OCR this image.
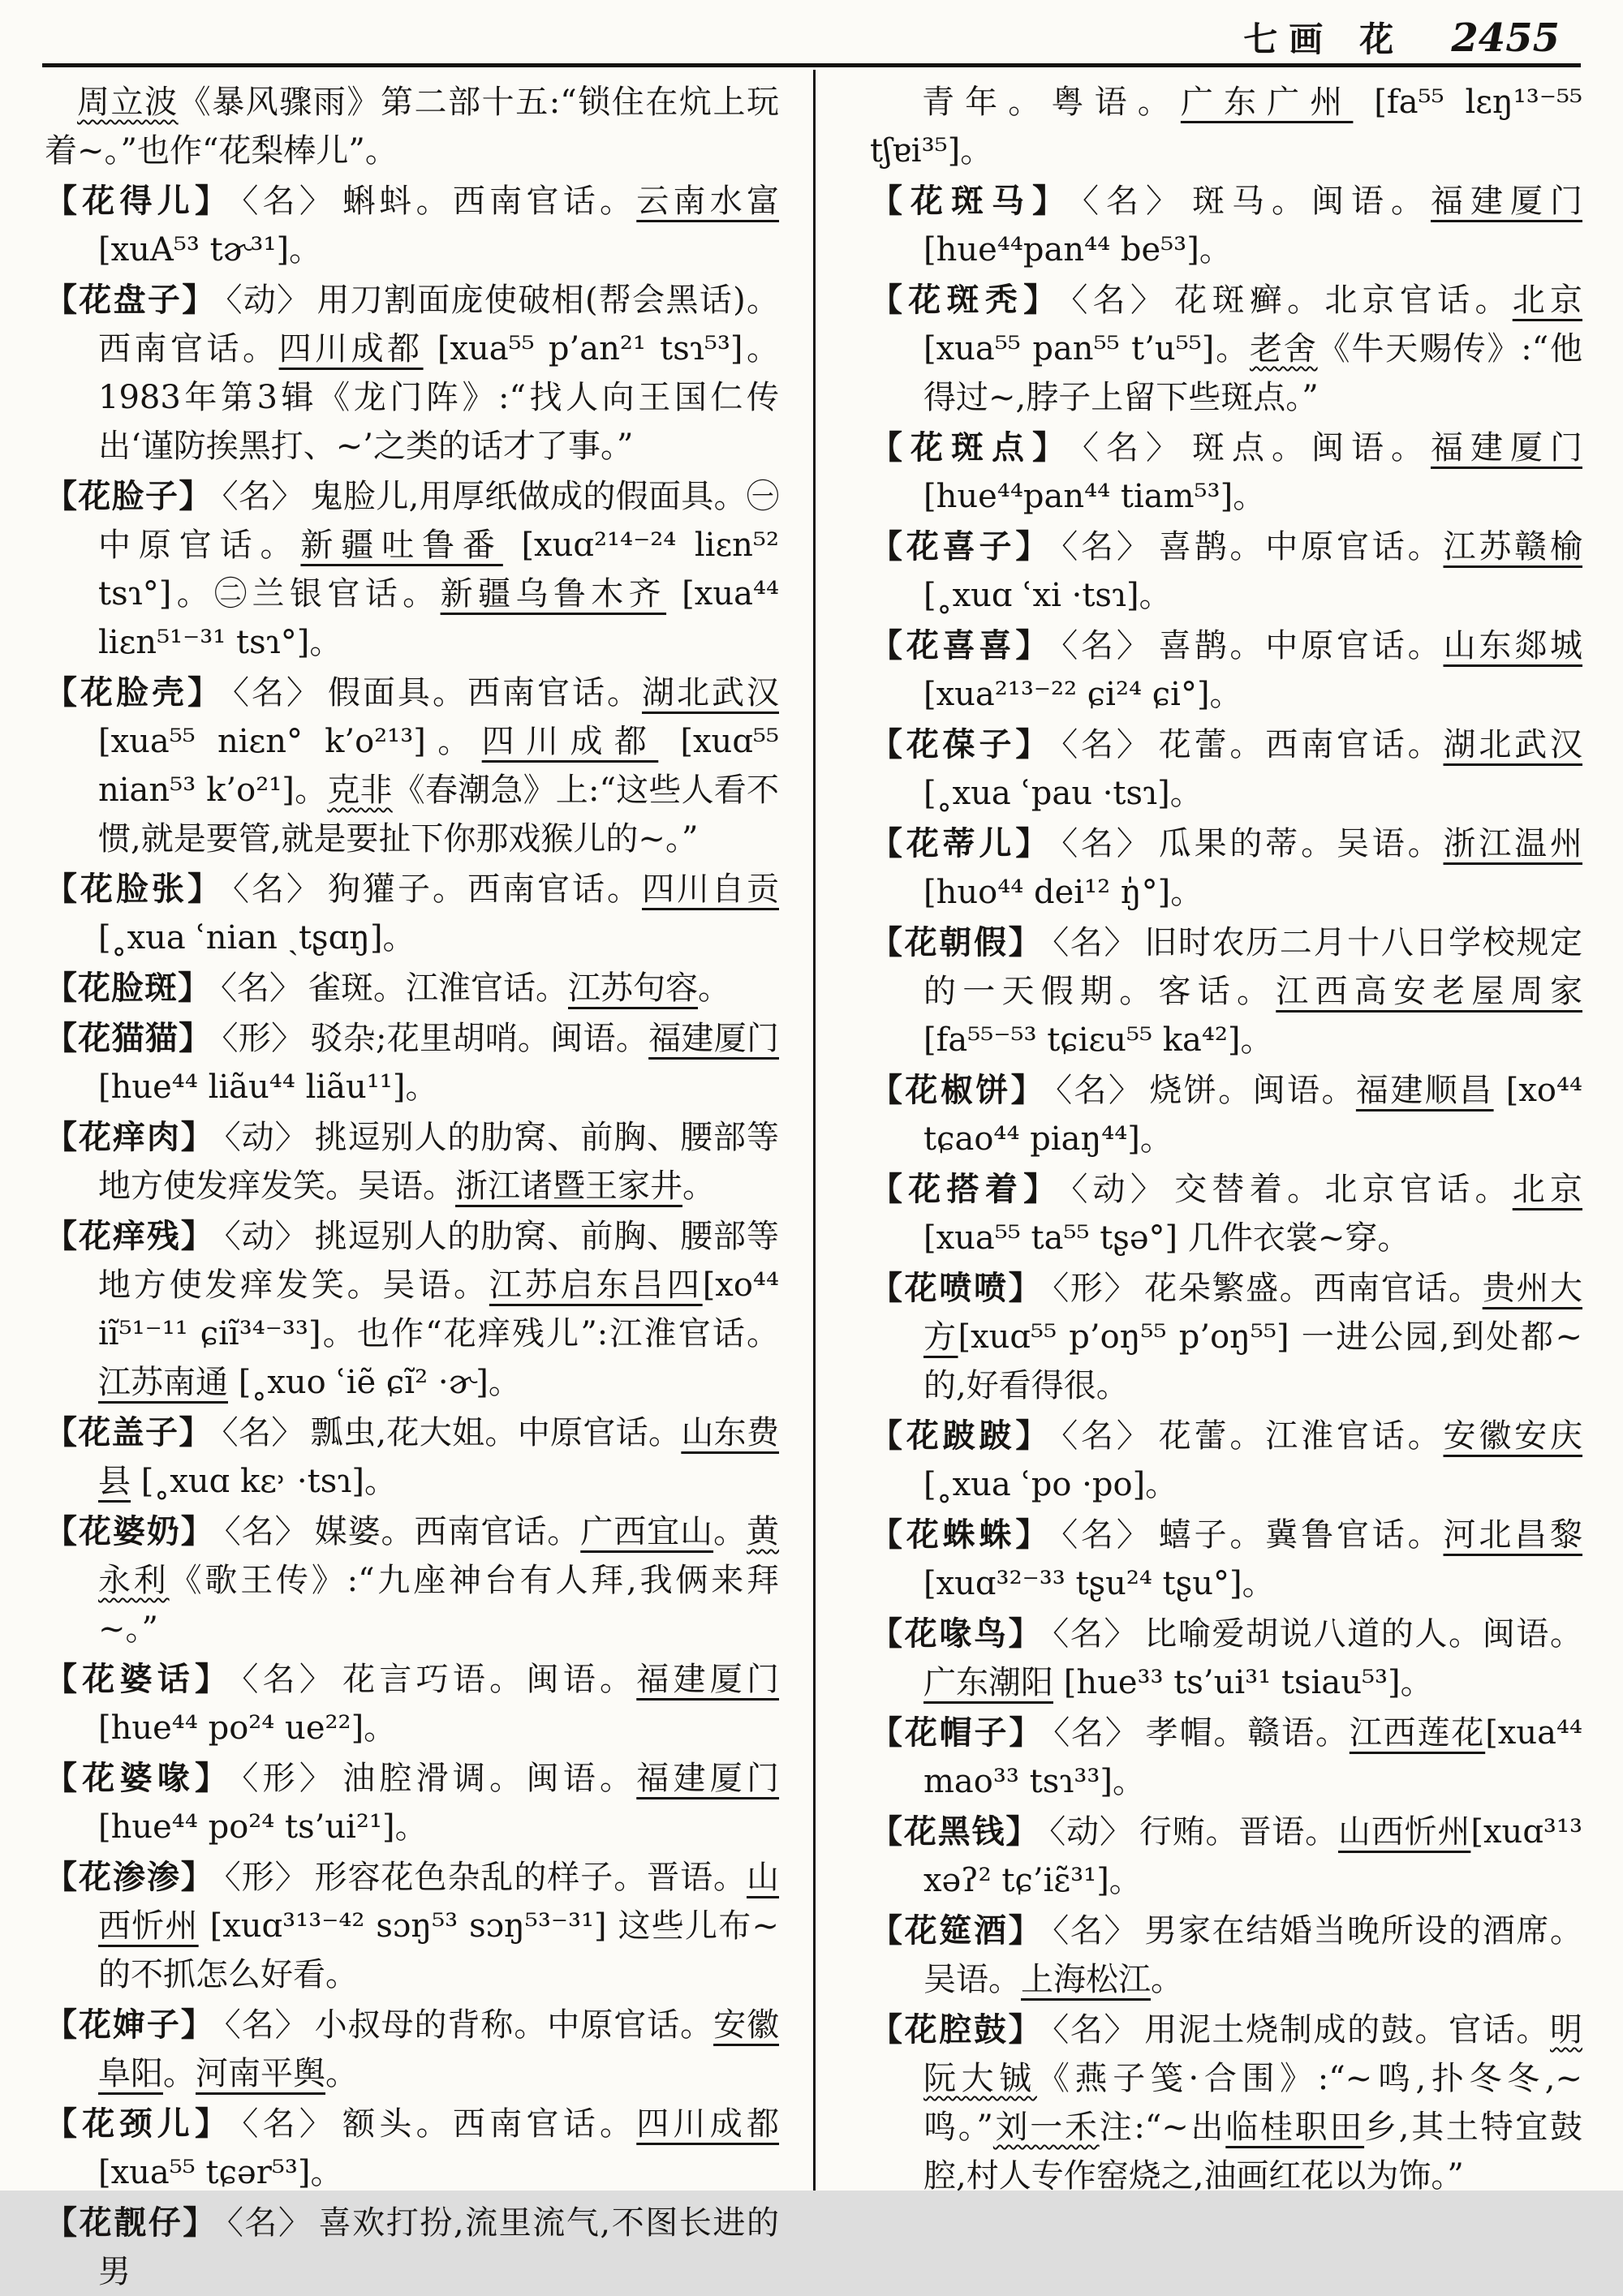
七画 花 2455
周立波《暴风骤雨》第二部十五:“锁住在炕上玩着~。”也作“花梨棒儿”。
【花得儿】 〈名〉 蝌蚪。西南官话。云南水富 [xuA⁵³ tɚ³¹]。
【花盘子】 〈动〉 用刀割面庞使破相(帮会黑话)。西南官话。四川成都 [xua⁵⁵ p’an²¹ tsɿ⁵³]。1983年第3辑《龙门阵》:“找人向王国仁传出‘谨防挨黑打、~’之类的话才了事。”
【花脸子】 〈名〉 鬼脸儿,用厚纸做成的假面具。㊀中原官话。新疆吐鲁番 [xuɑ²¹⁴⁻²⁴ liɛn⁵² tsɿ°]。㊁兰银官话。新疆乌鲁木齐 [xua⁴⁴ liɛn⁵¹⁻³¹ tsɿ°]。
【花脸壳】 〈名〉 假面具。西南官话。湖北武汉[xua⁵⁵ niɛn° k’o²¹³]。四川成都 [xuɑ⁵⁵ nian⁵³ k’o²¹]。克非《春潮急》上:“这些人看不惯,就是要管,就是要扯下你那戏猴儿的~。”
【花脸张】 〈名〉 狗獾子。西南官话。四川自贡 [˳xua ʿnian ˎtʂɑŋ]。
【花脸斑】 〈名〉 雀斑。江淮官话。江苏句容。
【花猫猫】 〈形〉 驳杂;花里胡哨。闽语。福建厦门 [hue⁴⁴ liãu⁴⁴ liãu¹¹]。
【花痒肉】 〈动〉 挑逗别人的肋窝、前胸、腰部等地方使发痒发笑。吴语。浙江诸暨王家井。
【花痒残】 〈动〉 挑逗别人的肋窝、前胸、腰部等地方使发痒发笑。吴语。江苏启东吕四[xo⁴⁴ iĩ⁵¹⁻¹¹ ɕiĩ³⁴⁻³³]。也作“花痒残儿”:江淮官话。江苏南通 [˳xuo ʿiẽ ɕĩ² ·ɚ]。
【花盖子】 〈名〉 瓢虫,花大姐。中原官话。山东费县 [˳xuɑ kɛ˒ ·tsɿ]。
【花婆奶】 〈名〉 媒婆。西南官话。广西宜山。黄永利《歌王传》:“九座神台有人拜,我俩来拜~。”
【花婆话】 〈名〉 花言巧语。闽语。福建厦门 [hue⁴⁴ po²⁴ ue²²]。
【花婆喙】 〈形〉 油腔滑调。闽语。福建厦门 [hue⁴⁴ po²⁴ ts’ui²¹]。
【花渗渗】 〈形〉 形容花色杂乱的样子。晋语。山西忻州 [xuɑ³¹³⁻⁴² sɔŋ⁵³ sɔŋ⁵³⁻³¹] 这些儿布~的不抓怎么好看。
【花婶子】 〈名〉 小叔母的背称。中原官话。安徽阜阳。河南平舆。
【花颈儿】 〈名〉 额头。西南官话。四川成都 [xua⁵⁵ tɕər⁵³]。
【花靓仔】 〈名〉 喜欢打扮,流里流气,不图长进的男
青年。粤语。广东广州 [fa⁵⁵ lɛŋ¹³⁻⁵⁵ tʃɐi³⁵]。
【花斑马】 〈名〉 斑马。闽语。福建厦门 [hue⁴⁴pan⁴⁴ be⁵³]。
【花斑秃】 〈名〉 花斑癣。北京官话。北京 [xua⁵⁵ pan⁵⁵ t’u⁵⁵]。老舍《牛天赐传》:“他得过~,脖子上留下些斑点。”
【花斑点】 〈名〉 斑点。闽语。福建厦门 [hue⁴⁴pan⁴⁴ tiam⁵³]。
【花喜子】 〈名〉 喜鹊。中原官话。江苏赣榆 [˳xuɑ ʿxi ·tsɿ]。
【花喜喜】 〈名〉 喜鹊。中原官话。山东郯城[xua²¹³⁻²² ɕi²⁴ ɕi°]。
【花葆子】 〈名〉 花蕾。西南官话。湖北武汉[˳xua ʿpau ·tsɿ]。
【花蒂儿】 〈名〉 瓜果的蒂。吴语。浙江温州 [huo⁴⁴ dei¹² ŋ̍°]。
【花朝假】 〈名〉 旧时农历二月十八日学校规定的一天假期。客话。江西高安老屋周家 [fa⁵⁵⁻⁵³ tɕiɛu⁵⁵ ka⁴²]。
【花椒饼】 〈名〉 烧饼。闽语。福建顺昌 [xo⁴⁴ tɕao⁴⁴ piaŋ⁴⁴]。
【花搭着】 〈动〉 交替着。北京官话。北京[xua⁵⁵ ta⁵⁵ tʂə°] 几件衣裳~穿。
【花喷喷】 〈形〉 花朵繁盛。西南官话。贵州大方[xuɑ⁵⁵ p’oŋ⁵⁵ p’oŋ⁵⁵] 一进公园,到处都~的,好看得很。
【花跛跛】 〈名〉 花蕾。江淮官话。安徽安庆 [˳xua ʿpo ·po]。
【花蛛蛛】 〈名〉 蟢子。冀鲁官话。河北昌黎 [xuɑ³²⁻³³ tʂu²⁴ tʂu°]。
【花喙鸟】 〈名〉 比喻爱胡说八道的人。闽语。广东潮阳 [hue³³ ts’ui³¹ tsiau⁵³]。
【花帽子】 〈名〉 孝帽。赣语。江西莲花[xua⁴⁴ mao³³ tsɿ³³]。
【花黑钱】 〈动〉 行贿。晋语。山西忻州[xuɑ³¹³ xəʔ² tɕ’iɛ̃³¹]。
【花筵酒】 〈名〉 男家在结婚当晚所设的酒席。吴语。上海松江。
【花腔鼓】 〈名〉 用泥土烧制成的鼓。官话。明阮大铖《燕子笺·合围》:“~鸣,扑冬冬,~鸣。”刘一禾注:“~出临桂职田乡,其土特宜鼓腔,村人专作窑烧之,油画红花以为饰。”
